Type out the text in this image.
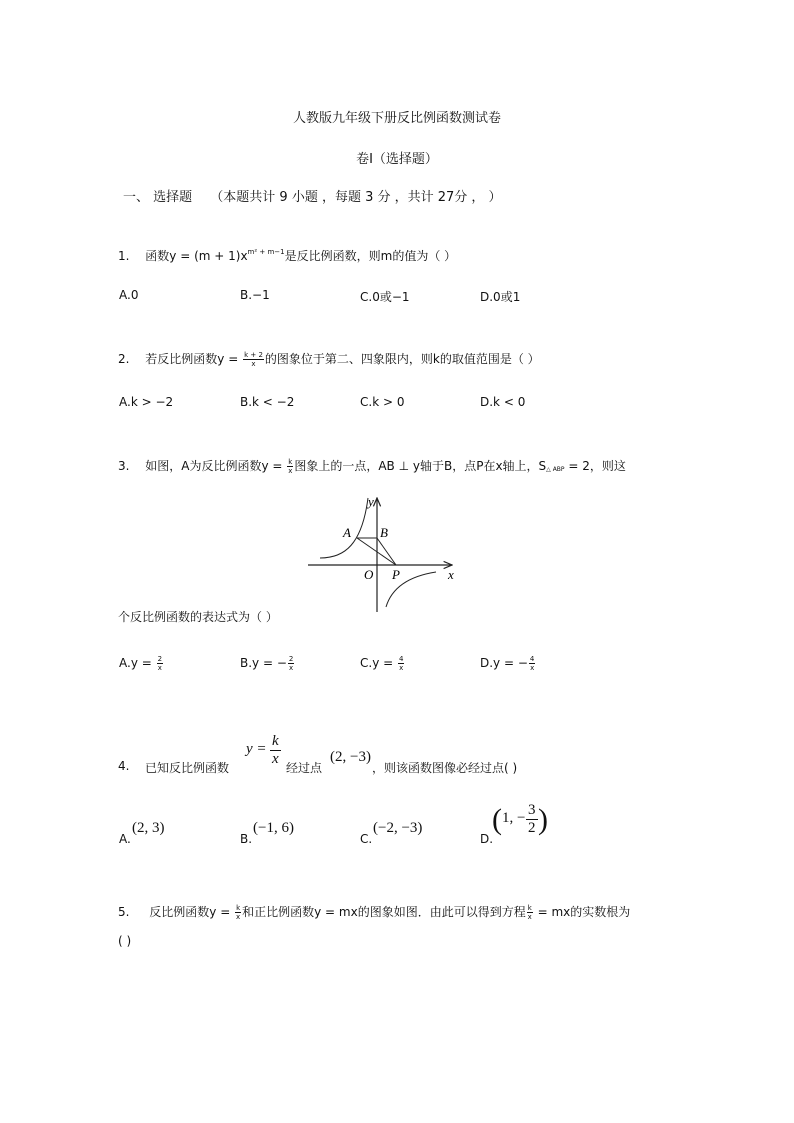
人教版九年级下册反比例函数测试卷
卷Ⅰ（选择题）
一、 选择题 （本题共计 9 小题 ，每题 3 分 ，共计 27分 ， ）
1. 函数$y = (m + 1)x^{m^2 + m-1}$是反比例函数，则m的值为（ ）
A.0	B.−1	C.0或−1	D.0或1
2. 若反比例函数$y = \frac{k + 2}{x}$ 的图象位于第二、四象限内，则k的取值范围是（ ）
A.k > −2	B.k < −2	C.k > 0	D.k < 0
3. 如图，A为反比例函数$y = \frac{k}{x}$ 图象上的一点，AB ⊥ y轴于B，点P在x轴上，$S_{\triangle ABP} = 2$，则这
y
x
A B
O P
个反比例函数的表达式为（ ）
$A.y = \frac{2}{x}$	B.y = − $\frac{2}{x}$	$C.y = \frac{4}{x}$	D.y = − $\frac{4}{x}$
4. 已知反比例函数
$y = \frac{k}{x}$ 经过点
(2, −3)
，则该函数图像必经过点( )
A.
(2, 3)
B.
(−1, 6)
C.
(−2, −3)
D.
( 1, − $\frac{3}{2}$ )
5. 反比例函数$y = \frac{k}{x}$ 和正比例函数y = mx的图象如图．由此可以得到方程 $\frac{k}{x}$ = mx的实数根为
( )
